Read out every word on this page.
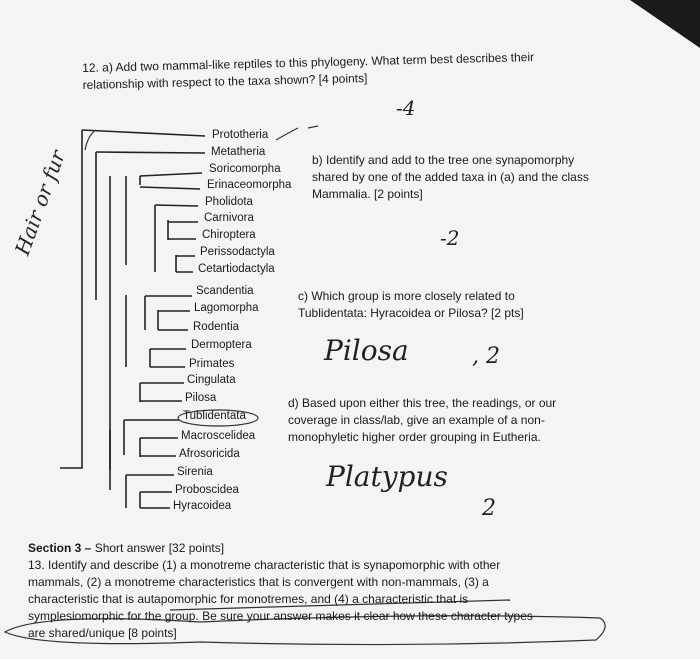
12. a) Add two mammal-like reptiles to this phylogeny. What term best describes their
relationship with respect to the taxa shown? [4 points]
Prototheria
Metatheria
Soricomorpha
Erinaceomorpha
Pholidota
Carnivora
Chiroptera
Perissodactyla
Cetartiodactyla
Scandentia
Lagomorpha
Rodentia
Dermoptera
Primates
Cingulata
Pilosa
Tublidentata
Macroscelidea
Afrosoricida
Sirenia
Proboscidea
Hyracoidea
b) Identify and add to the tree one synapomorphy
shared by one of the added taxa in (a) and the class
Mammalia. [2 points]
c) Which group is more closely related to
Tublidentata: Hyracoidea or Pilosa? [2 pts]
d) Based upon either this tree, the readings, or our
coverage in class/lab, give an example of a non-
monophyletic higher order grouping in Eutheria.
-4
-2
Pilosa	, 2
Platypus
2
Hair or fur
Section 3 – Short answer [32 points]
13. Identify and describe (1) a monotreme characteristic that is synapomorphic with other
mammals, (2) a monotreme characteristics that is convergent with non-mammals, (3) a
characteristic that is autapomorphic for monotremes, and (4) a characteristic that is
symplesiomorphic for the group. Be sure your answer makes it clear how these character types
are shared/unique [8 points]
